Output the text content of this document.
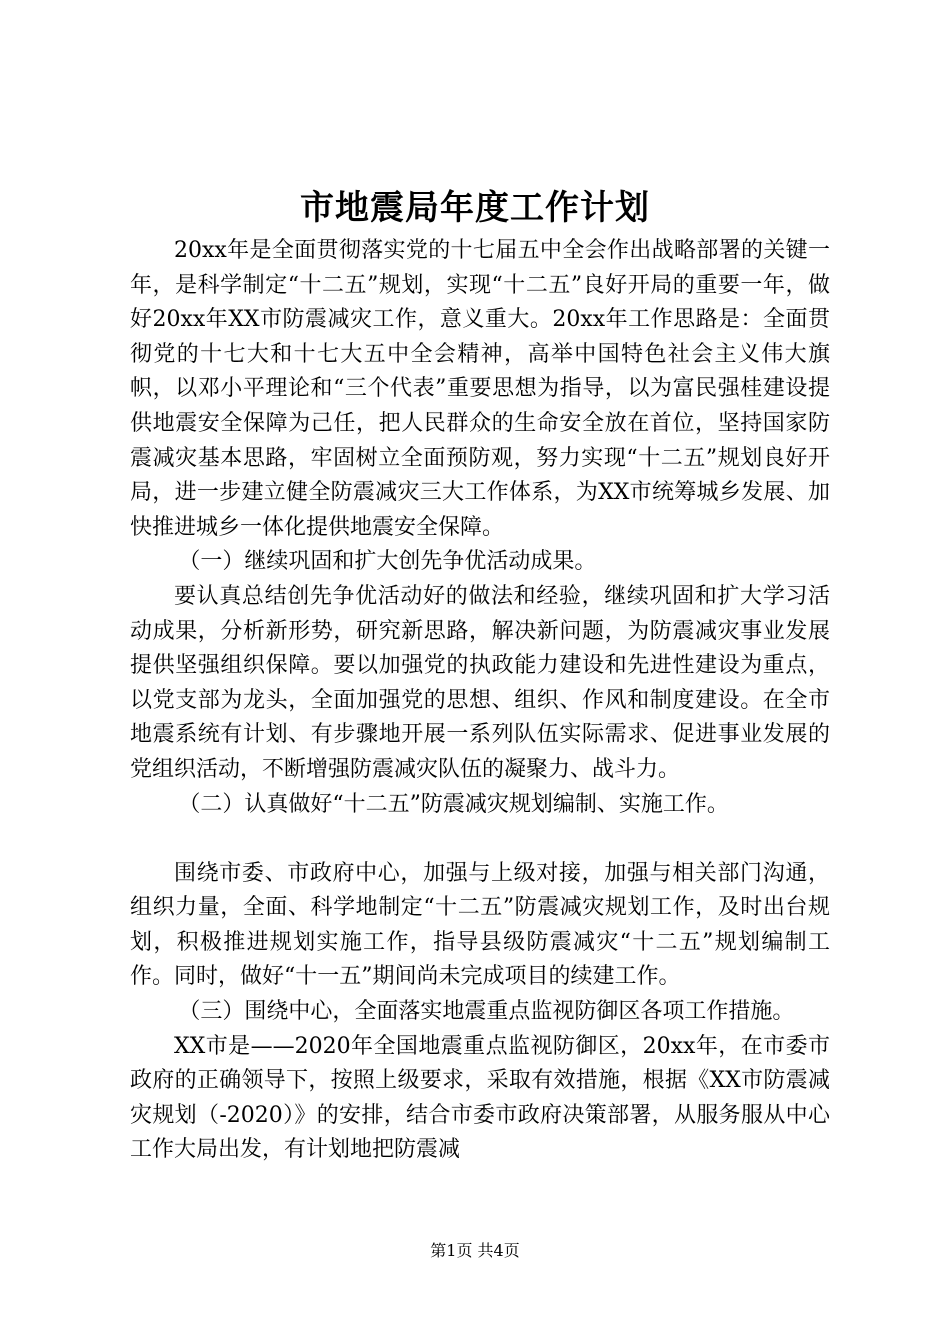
市地震局年度工作计划

20xx年是全面贯彻落实党的十七届五中全会作出战略部署的关键一年，是科学制定“十二五”规划，实现“十二五”良好开局的重要一年，做好20xx年XX市防震减灾工作，意义重大。20xx年工作思路是：全面贯彻党的十七大和十七大五中全会精神，高举中国特色社会主义伟大旗帜，以邓小平理论和“三个代表”重要思想为指导，以为富民强桂建设提供地震安全保障为己任，把人民群众的生命安全放在首位，坚持国家防震减灾基本思路，牢固树立全面预防观，努力实现“十二五”规划良好开局，进一步建立健全防震减灾三大工作体系，为XX市统筹城乡发展、加快推进城乡一体化提供地震安全保障。

（一）继续巩固和扩大创先争优活动成果。

要认真总结创先争优活动好的做法和经验，继续巩固和扩大学习活动成果，分析新形势，研究新思路，解决新问题，为防震减灾事业发展提供坚强组织保障。要以加强党的执政能力建设和先进性建设为重点，以党支部为龙头，全面加强党的思想、组织、作风和制度建设。在全市地震系统有计划、有步骤地开展一系列队伍实际需求、促进事业发展的党组织活动，不断增强防震减灾队伍的凝聚力、战斗力。

（二）认真做好“十二五”防震减灾规划编制、实施工作。

围绕市委、市政府中心，加强与上级对接，加强与相关部门沟通，组织力量，全面、科学地制定“十二五”防震减灾规划工作，及时出台规划，积极推进规划实施工作，指导县级防震减灾“十二五”规划编制工作。同时，做好“十一五”期间尚未完成项目的续建工作。

（三）围绕中心，全面落实地震重点监视防御区各项工作措施。

XX市是——2020年全国地震重点监视防御区，20xx年，在市委市政府的正确领导下，按照上级要求，采取有效措施，根据《XX市防震减灾规划（-2020）》的安排，结合市委市政府决策部署，从服务服从中心工作大局出发，有计划地把防震减

第1页 共4页
